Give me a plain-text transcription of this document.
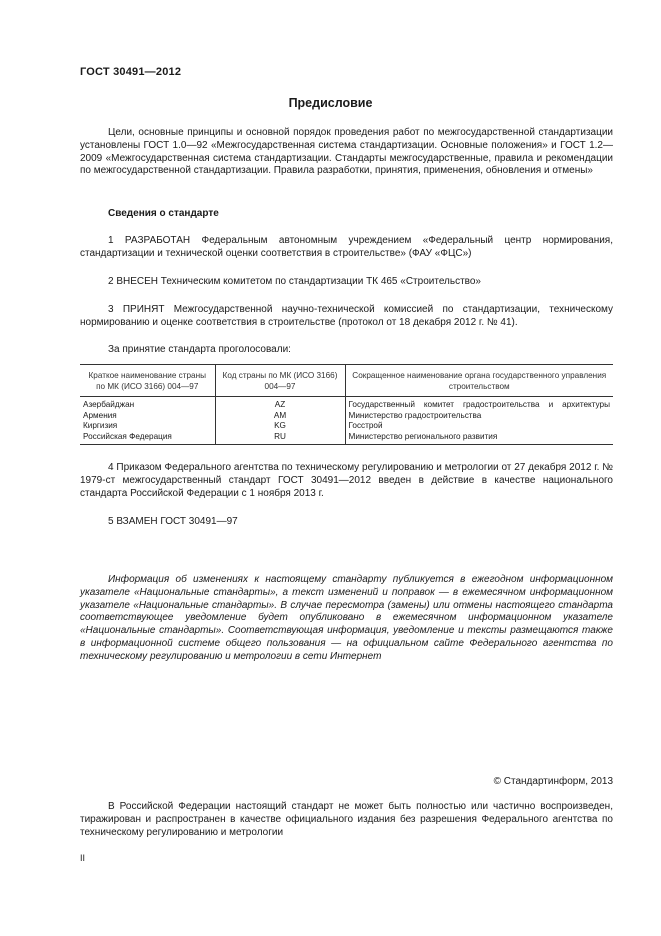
ГОСТ 30491—2012
Предисловие

Цели, основные принципы и основной порядок проведения работ по межгосударственной стандартизации установлены ГОСТ 1.0—92 «Межгосударственная система стандартизации. Основные положения» и ГОСТ 1.2—2009 «Межгосударственная система стандартизации. Стандарты межгосударственные, правила и рекомендации по межгосударственной стандартизации. Правила разработки, принятия, применения, обновления и отмены»

Сведения о стандарте

1 РАЗРАБОТАН Федеральным автономным учреждением «Федеральный центр нормирования, стандартизации и технической оценки соответствия в строительстве» (ФАУ «ФЦС»)

2 ВНЕСЕН Техническим комитетом по стандартизации ТК 465 «Строительство»

3 ПРИНЯТ Межгосударственной научно-технической комиссией по стандартизации, техническому нормированию и оценке соответствия в строительстве (протокол от 18 декабря 2012 г. № 41).

За принятие стандарта проголосовали:

Краткое наименование страны по МК (ИСО 3166) 004—97	Код страны по МК (ИСО 3166) 004—97	Сокращенное наименование органа государственного управления строительством
Азербайджан	AZ	Государственный комитет градостроительства и архитектуры

Армения	AM	Министерство градостроительства
Киргизия	KG	Госстрой
Российская Федерация	RU	Министерство регионального развития

4 Приказом Федерального агентства по техническому регулированию и метрологии от 27 декабря 2012 г. № 1979-ст межгосударственный стандарт ГОСТ 30491—2012 введен в действие в качестве национального стандарта Российской Федерации с 1 ноября 2013 г.

5 ВЗАМЕН ГОСТ 30491—97

Информация об изменениях к настоящему стандарту публикуется в ежегодном информационном указателе «Национальные стандарты», а текст изменений и поправок — в ежемесячном информационном указателе «Национальные стандарты». В случае пересмотра (замены) или отмены настоящего стандарта соответствующее уведомление будет опубликовано в ежемесячном информационном указателе «Национальные стандарты». Соответствующая информация, уведомление и тексты размещаются также в информационной системе общего пользования — на официальном сайте Федерального агентства по техническому регулированию и метрологии в сети Интернет

© Стандартинформ, 2013

В Российской Федерации настоящий стандарт не может быть полностью или частично воспроизведен, тиражирован и распространен в качестве официального издания без разрешения Федерального агентства по техническому регулированию и метрологии

II
